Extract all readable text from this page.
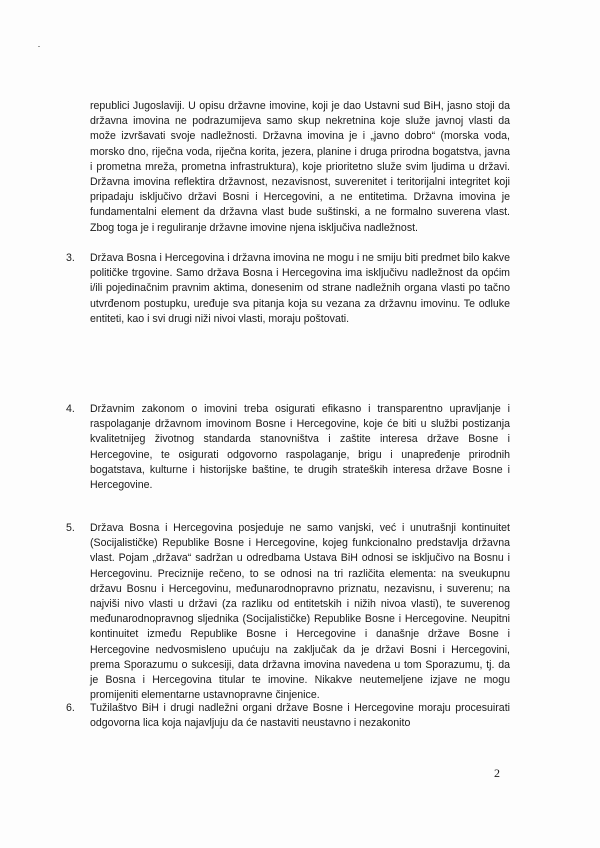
republici Jugoslaviji. U opisu državne imovine, koji je dao Ustavni sud BiH, jasno stoji da državna imovina ne podrazumijeva samo skup nekretnina koje služe javnoj vlasti da može izvršavati svoje nadležnosti. Državna imovina je i „javno dobro“ (morska voda, morsko dno, riječna voda, riječna korita, jezera, planine i druga prirodna bogatstva, javna i prometna mreža, prometna infrastruktura), koje prioritetno služe svim ljudima u državi. Državna imovina reflektira državnost, nezavisnost, suverenitet i teritorijalni integritet koji pripadaju isključivo državi Bosni i Hercegovini, a ne entitetima. Državna imovina je fundamentalni element da državna vlast bude suštinski, a ne formalno suverena vlast. Zbog toga je i reguliranje državne imovine njena isključiva nadležnost.

3.	Država Bosna i Hercegovina i državna imovina ne mogu i ne smiju biti predmet bilo kakve političke trgovine. Samo država Bosna i Hercegovina ima isključivu nadležnost da općim i/ili pojedinačnim pravnim aktima, donesenim od strane nadležnih organa vlasti po tačno utvrđenom postupku, uređuje sva pitanja koja su vezana za državnu imovinu. Te odluke entiteti, kao i svi drugi niži nivoi vlasti, moraju poštovati.

4.	Državnim zakonom o imovini treba osigurati efikasno i transparentno upravljanje i raspolaganje državnom imovinom Bosne i Hercegovine, koje će biti u službi postizanja kvalitetnijeg životnog standarda stanovništva i zaštite interesa države Bosne i Hercegovine, te osigurati odgovorno raspolaganje, brigu i unapređenje prirodnih bogatstava, kulturne i historijske baštine, te drugih strateških interesa države Bosne i Hercegovine.

5.	Država Bosna i Hercegovina posjeduje ne samo vanjski, već i unutrašnji kontinuitet (Socijalističke) Republike Bosne i Hercegovine, kojeg funkcionalno predstavlja državna vlast. Pojam „država“ sadržan u odredbama Ustava BiH odnosi se isključivo na Bosnu i Hercegovinu. Preciznije rečeno, to se odnosi na tri različita elementa: na sveukupnu državu Bosnu i Hercegovinu, međunarodnopravno priznatu, nezavisnu, i suverenu; na najviši nivo vlasti u državi (za razliku od entitetskih i nižih nivoa vlasti), te suverenog međunarodnopravnog sljednika (Socijalističke) Republike Bosne i Hercegovine. Neupitni kontinuitet između Republike Bosne i Hercegovine i današnje države Bosne i Hercegovine nedvosmisleno upućuju na zaključak da je državi Bosni i Hercegovini, prema Sporazumu o sukcesiji, data državna imovina navedena u tom Sporazumu, tj. da je Bosna i Hercegovina titular te imovine. Nikakve neutemeljene izjave ne mogu promijeniti elementarne ustavnopravne činjenice.

6.	Tužilaštvo BiH i drugi nadležni organi države Bosne i Hercegovine moraju procesuirati odgovorna lica koja najavljuju da će nastaviti neustavno i nezakonito

2
